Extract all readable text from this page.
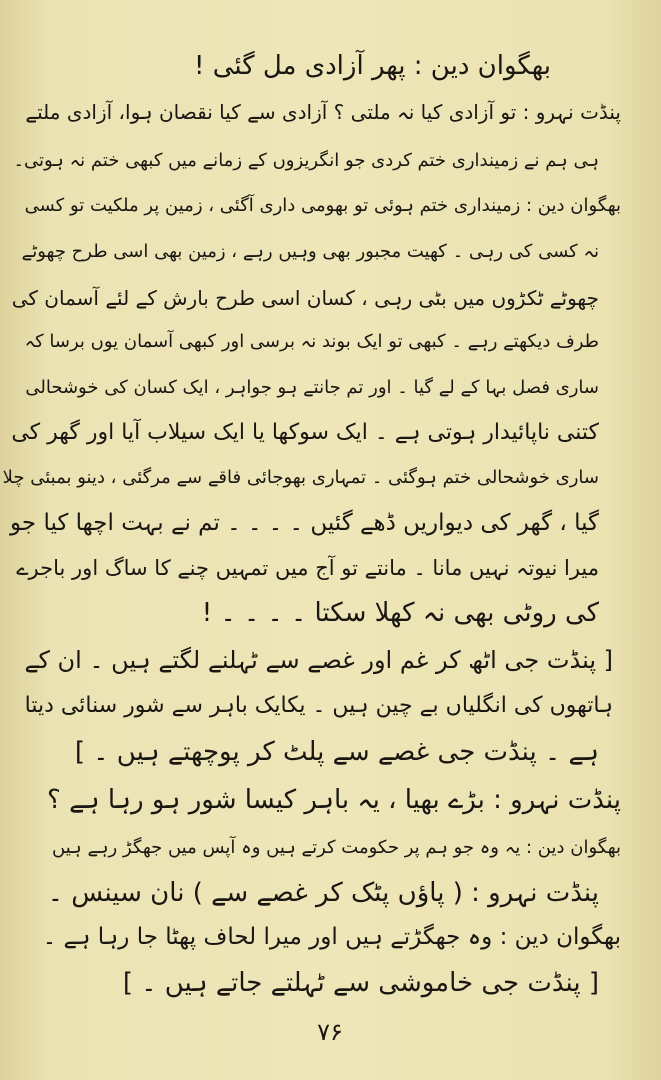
بھگوان دین : پھر آزادی مل گئی !
پنڈت نہرو : تو آزادی کیا نہ ملتی ؟ آزادی سے کیا نقصان ہوا، آزادی ملتے
ہی ہم نے زمینداری ختم کردی جو انگریزوں کے زمانے میں کبھی ختم نہ ہوتی۔
بھگوان دین : زمینداری ختم ہوئی تو بھومی داری آگئی ، زمین پر ملکیت تو کسی
نہ کسی کی رہی ۔ کھیت مجبور بھی وہیں رہے ، زمین بھی اسی طرح چھوٹے
چھوٹے ٹکڑوں میں بٹی رہی ، کسان اسی طرح بارش کے لئے آسمان کی
طرف دیکھتے رہے ۔ کبھی تو ایک بوند نہ برسی اور کبھی آسمان یوں برسا کہ
ساری فصل بہا کے لے گیا ۔ اور تم جانتے ہو جواہر ، ایک کسان کی خوشحالی
کتنی ناپائیدار ہوتی ہے ۔ ایک سوکھا یا ایک سیلاب آیا اور گھر کی
ساری خوشحالی ختم ہوگئی ۔ تمہاری بھوجائی فاقے سے مرگئی ، دینو بمبئی چلا
گیا ، گھر کی دیواریں ڈھے گئیں ۔ ۔ ۔ ۔ تم نے بہت اچھا کیا جو
میرا نیوتہ نہیں مانا ۔ مانتے تو آج میں تمہیں چنے کا ساگ اور باجرے
کی روٹی بھی نہ کھلا سکتا ۔ ۔ ۔ ۔ !
[ پنڈت جی اٹھ کر غم اور غصے سے ٹہلنے لگتے ہیں ۔ ان کے
ہاتھوں کی انگلیاں بے چین ہیں ۔ یکایک باہر سے شور سنائی دیتا
ہے ۔ پنڈت جی غصے سے پلٹ کر پوچھتے ہیں ۔ ]
پنڈت نہرو : بڑے بھیا ، یہ باہر کیسا شور ہو رہا ہے ؟
بھگوان دین : یہ وہ جو ہم پر حکومت کرتے ہیں وہ آپس میں جھگڑ رہے ہیں
پنڈت نہرو : ( پاؤں پٹک کر غصے سے ) نان سینس ۔
بھگوان دین : وہ جھگڑتے ہیں اور میرا لحاف پھٹا جا رہا ہے ۔
[ پنڈت جی خاموشی سے ٹہلتے جاتے ہیں ۔ ]
۷۶
